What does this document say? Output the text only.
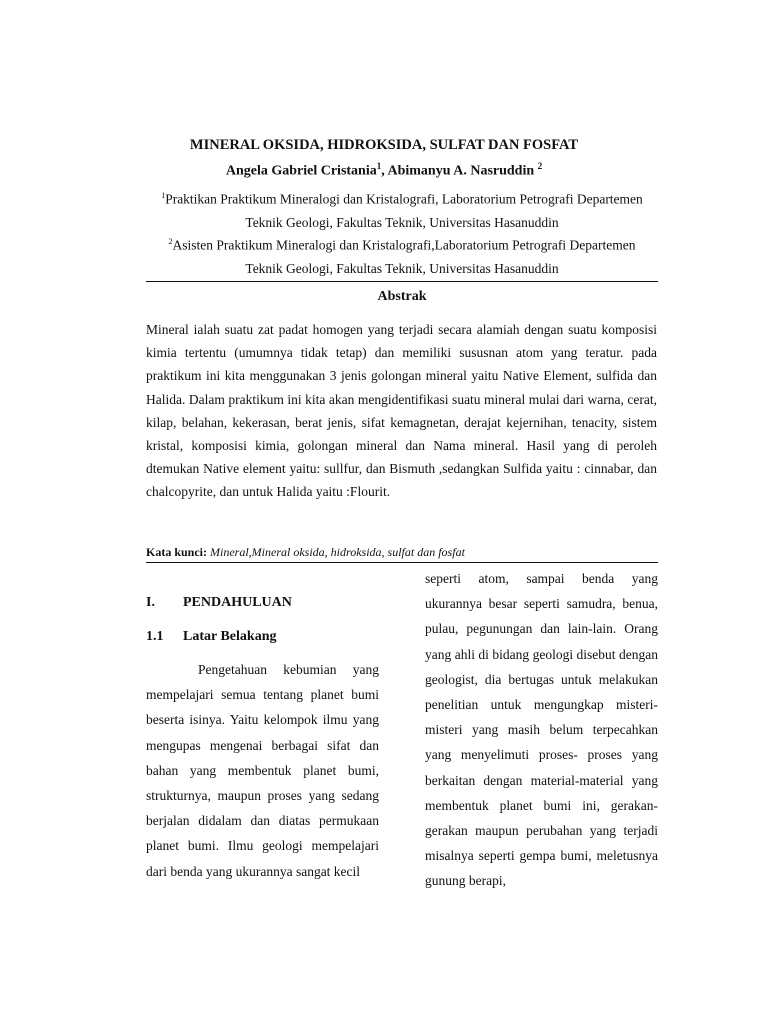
MINERAL OKSIDA, HIDROKSIDA, SULFAT DAN FOSFAT
Angela Gabriel Cristania$^1$, Abimanyu A. Nasruddin $^2$
$^1$Praktikan Praktikum Mineralogi dan Kristalografi, Laboratorium Petrografi Departemen
Teknik Geologi, Fakultas Teknik, Universitas Hasanuddin
$^2$Asisten Praktikum Mineralogi dan Kristalografi,Laboratorium Petrografi Departemen
Teknik Geologi, Fakultas Teknik, Universitas Hasanuddin
Abstrak

Mineral ialah suatu zat padat homogen yang terjadi secara alamiah dengan suatu komposisi kimia tertentu (umumnya tidak tetap) dan memiliki sususnan atom yang teratur. pada praktikum ini kita menggunakan 3 jenis golongan mineral yaitu Native Element, sulfida dan Halida. Dalam praktikum ini kita akan mengidentifikasi suatu mineral mulai dari warna, cerat, kilap, belahan, kekerasan, berat jenis, sifat kemagnetan, derajat kejernihan, tenacity, sistem kristal, komposisi kimia, golongan mineral dan Nama mineral. Hasil yang di peroleh dtemukan Native element yaitu: sullfur, dan Bismuth ,sedangkan Sulfida yaitu : cinnabar, dan chalcopyrite, dan untuk Halida yaitu :Flourit.

Kata kunci: Mineral,Mineral oksida, hidroksida, sulfat dan fosfat
I. PENDAHULUAN
1.1 Latar Belakang

Pengetahuan kebumian yang mempelajari semua tentang planet bumi beserta isinya. Yaitu kelompok ilmu yang mengupas mengenai berbagai sifat dan bahan yang membentuk planet bumi, strukturnya, maupun proses yang sedang berjalan didalam dan diatas permukaan planet bumi. Ilmu geologi mempelajari dari benda yang ukurannya sangat kecil

seperti atom, sampai benda yang ukurannya besar seperti samudra, benua, pulau, pegunungan dan lain-lain. Orang yang ahli di bidang geologi disebut dengan geologist, dia bertugas untuk melakukan penelitian untuk mengungkap misteri-misteri yang masih belum terpecahkan yang menyelimuti proses- proses yang berkaitan dengan material-material yang membentuk planet bumi ini, gerakan-gerakan maupun perubahan yang terjadi misalnya seperti gempa bumi, meletusnya gunung berapi,
